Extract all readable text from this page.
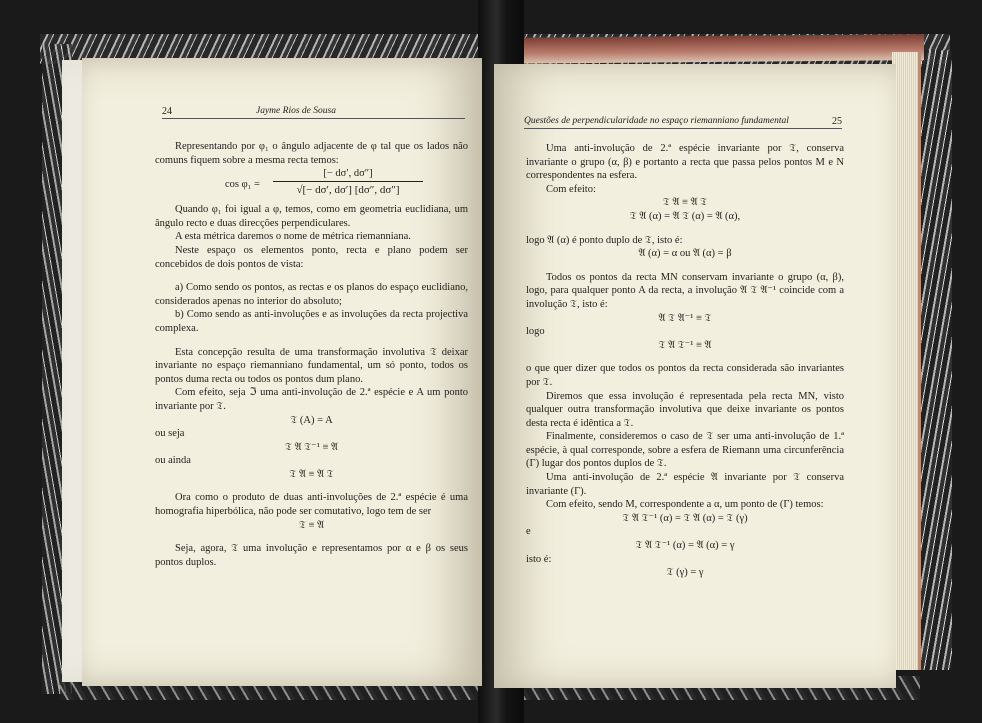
24	Jayme Rios de Sousa

Representando por φ₁ o ângulo adjacente de φ tal que os lados não comuns fiquem sobre a mesma recta temos:

cos φ₁ =
[− dσ′, dσ″]
√[− dσ′, dσ′] [dσ″, dσ″]

Quando φ₁ foi igual a φ, temos, como em geometria euclidiana, um ângulo recto e duas direcções perpendiculares.

A esta métrica daremos o nome de métrica riemanniana.

Neste espaço os elementos ponto, recta e plano podem ser concebidos de dois pontos de vista:

a) Como sendo os pontos, as rectas e os planos do espaço euclidiano, considerados apenas no interior do absoluto;

b) Como sendo as anti-involuções e as involuções da recta projectiva complexa.

Esta concepção resulta de uma transformação involutiva 𝔗 deixar invariante no espaço riemanniano fundamental, um só ponto, todos os pontos duma recta ou todos os pontos dum plano.

Com efeito, seja ℑ uma anti-involução de 2.ª espécie e A um ponto invariante por 𝔗.

𝔗 (A) = A

ou seja

𝔗 𝔄 𝔗⁻¹ ≡ 𝔄

ou ainda

𝔗 𝔄 ≡ 𝔄 𝔗

Ora como o produto de duas anti-involuções de 2.ª espécie é uma homografia hiperbólica, não pode ser comutativo, logo tem de ser

𝔗 ≡ 𝔄

Seja, agora, 𝔗 uma involução e representamos por α e β os seus pontos duplos.

Questões de perpendicularidade no espaço riemanniano fundamental	25

Uma anti-involução de 2.ª espécie invariante por 𝔗, conserva invariante o grupo (α, β) e portanto a recta que passa pelos pontos M e N correspondentes na esfera.

Com efeito:

𝔗 𝔄 ≡ 𝔄 𝔗

𝔗 𝔄 (α) = 𝔄 𝔗 (α) = 𝔄 (α),

logo 𝔄 (α) é ponto duplo de 𝔗, isto é:

𝔄 (α) = α ou 𝔄 (α) = β

Todos os pontos da recta MN conservam invariante o grupo (α, β), logo, para qualquer ponto A da recta, a involução 𝔄 𝔗 𝔄⁻¹ coincide com a involução 𝔗, isto é:

𝔄 𝔗 𝔄⁻¹ ≡ 𝔗

logo

𝔗 𝔄 𝔗⁻¹ ≡ 𝔄

o que quer dizer que todos os pontos da recta considerada são invariantes por 𝔗.

Diremos que essa involução é representada pela recta MN, visto qualquer outra transformação involutiva que deixe invariante os pontos desta recta é idêntica a 𝔗.

Finalmente, consideremos o caso de 𝔗 ser uma anti-involução de 1.ª espécie, à qual corresponde, sobre a esfera de Riemann uma circunferência (Γ) lugar dos pontos duplos de 𝔗.

Uma anti-involução de 2.ª espécie 𝔄 invariante por 𝔗 conserva invariante (Γ).

Com efeito, sendo M, correspondente a α, um ponto de (Γ) temos:

𝔗 𝔄 𝔗⁻¹ (α) = 𝔗 𝔄 (α) = 𝔗 (γ)

e

𝔗 𝔄 𝔗⁻¹ (α) = 𝔄 (α) = γ

isto é:

𝔗 (γ) = γ
